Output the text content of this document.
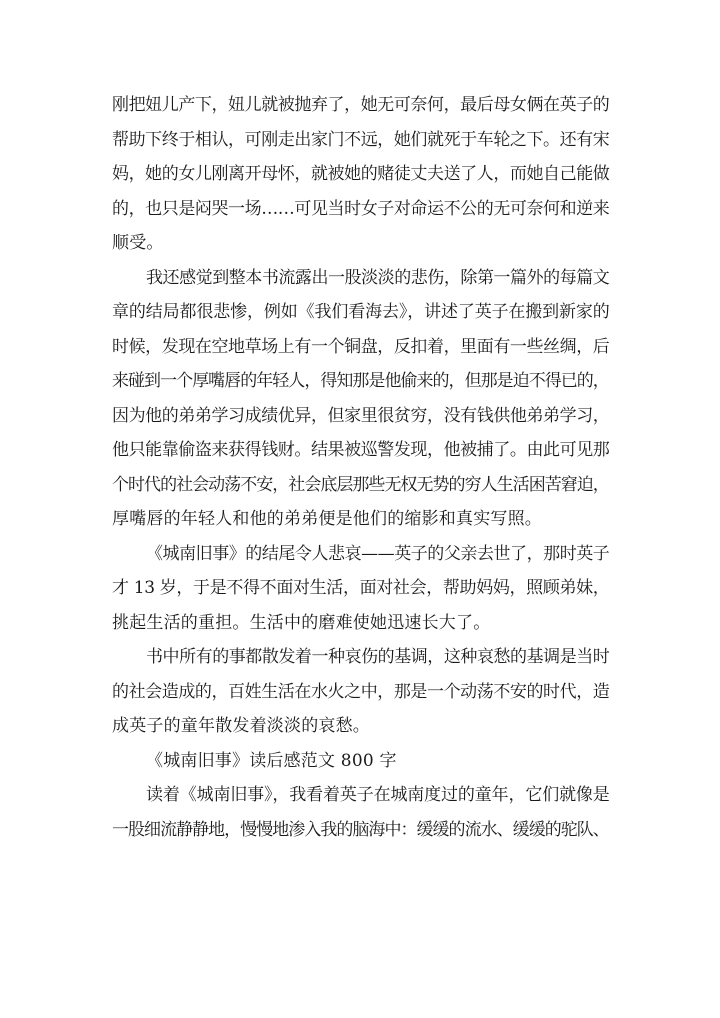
刚把妞儿产下，妞儿就被抛弃了，她无可奈何，最后母女俩在英子的
帮助下终于相认，可刚走出家门不远，她们就死于车轮之下。还有宋
妈，她的女儿刚离开母怀，就被她的赌徒丈夫送了人，而她自己能做
的，也只是闷哭一场……可见当时女子对命运不公的无可奈何和逆来
顺受。
我还感觉到整本书流露出一股淡淡的悲伤，除第一篇外的每篇文
章的结局都很悲惨，例如《我们看海去》，讲述了英子在搬到新家的
时候，发现在空地草场上有一个铜盘，反扣着，里面有一些丝绸，后
来碰到一个厚嘴唇的年轻人，得知那是他偷来的，但那是迫不得已的，
因为他的弟弟学习成绩优异，但家里很贫穷，没有钱供他弟弟学习，
他只能靠偷盗来获得钱财。结果被巡警发现，他被捕了。由此可见那
个时代的社会动荡不安，社会底层那些无权无势的穷人生活困苦窘迫，
厚嘴唇的年轻人和他的弟弟便是他们的缩影和真实写照。
《城南旧事》的结尾令人悲哀——英子的父亲去世了，那时英子
才 13 岁，于是不得不面对生活，面对社会，帮助妈妈，照顾弟妹，
挑起生活的重担。生活中的磨难使她迅速长大了。
书中所有的事都散发着一种哀伤的基调，这种哀愁的基调是当时
的社会造成的，百姓生活在水火之中，那是一个动荡不安的时代，造
成英子的童年散发着淡淡的哀愁。
《城南旧事》读后感范文 800 字
读着《城南旧事》，我看着英子在城南度过的童年，它们就像是
一股细流静静地，慢慢地渗入我的脑海中：缓缓的流水、缓缓的驼队、
